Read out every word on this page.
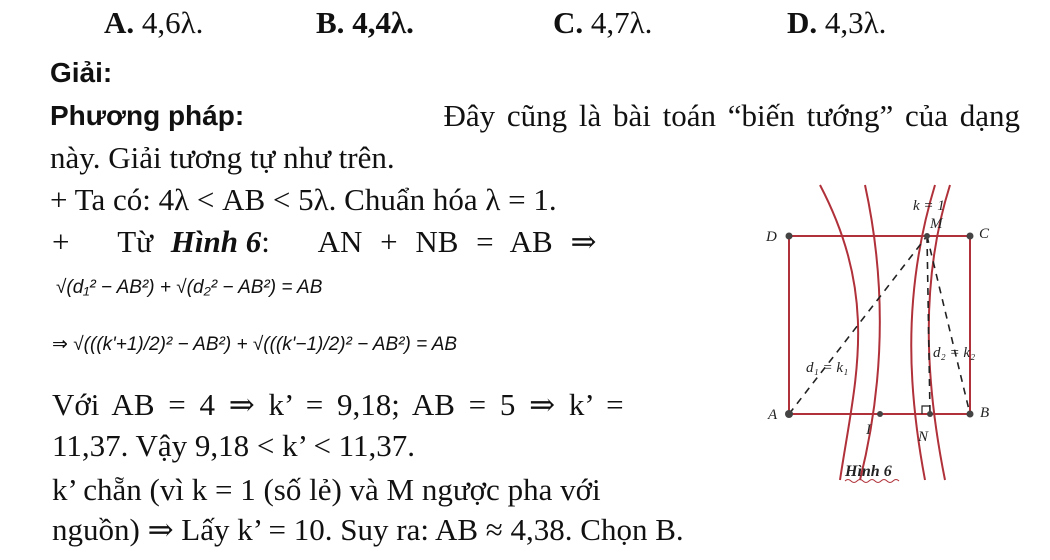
A. 4,6λ.	B. 4,4λ.	C. 4,7λ.	D. 4,3λ.
Giải:
Phương pháp:	Đây cũng là bài toán “biến tướng” của dạng
này. Giải tương tự như trên.
+ Ta có: 4λ < AB < 5λ. Chuẩn hóa λ = 1.
+ Từ Hình 6: AN + NB = AB ⇒
√(d₁² − AB²) + √(d₂² − AB²) = AB
⇒ √(((k'+1)/2)² − AB²) + √(((k'−1)/2)² − AB²) = AB
Với AB = 4 ⇒ k’ = 9,18; AB = 5 ⇒ k’ =
11,37. Vậy 9,18 < k’ < 11,37.
k’ chẵn (vì k = 1 (số lẻ) và M ngược pha với
nguồn) ⇒ Lấy k’ = 10. Suy ra: AB ≈ 4,38. Chọn B.
D	C
A	B
M
N
I
k = 1
d₁ = k₁
d₂ = k₂
Hình 6
